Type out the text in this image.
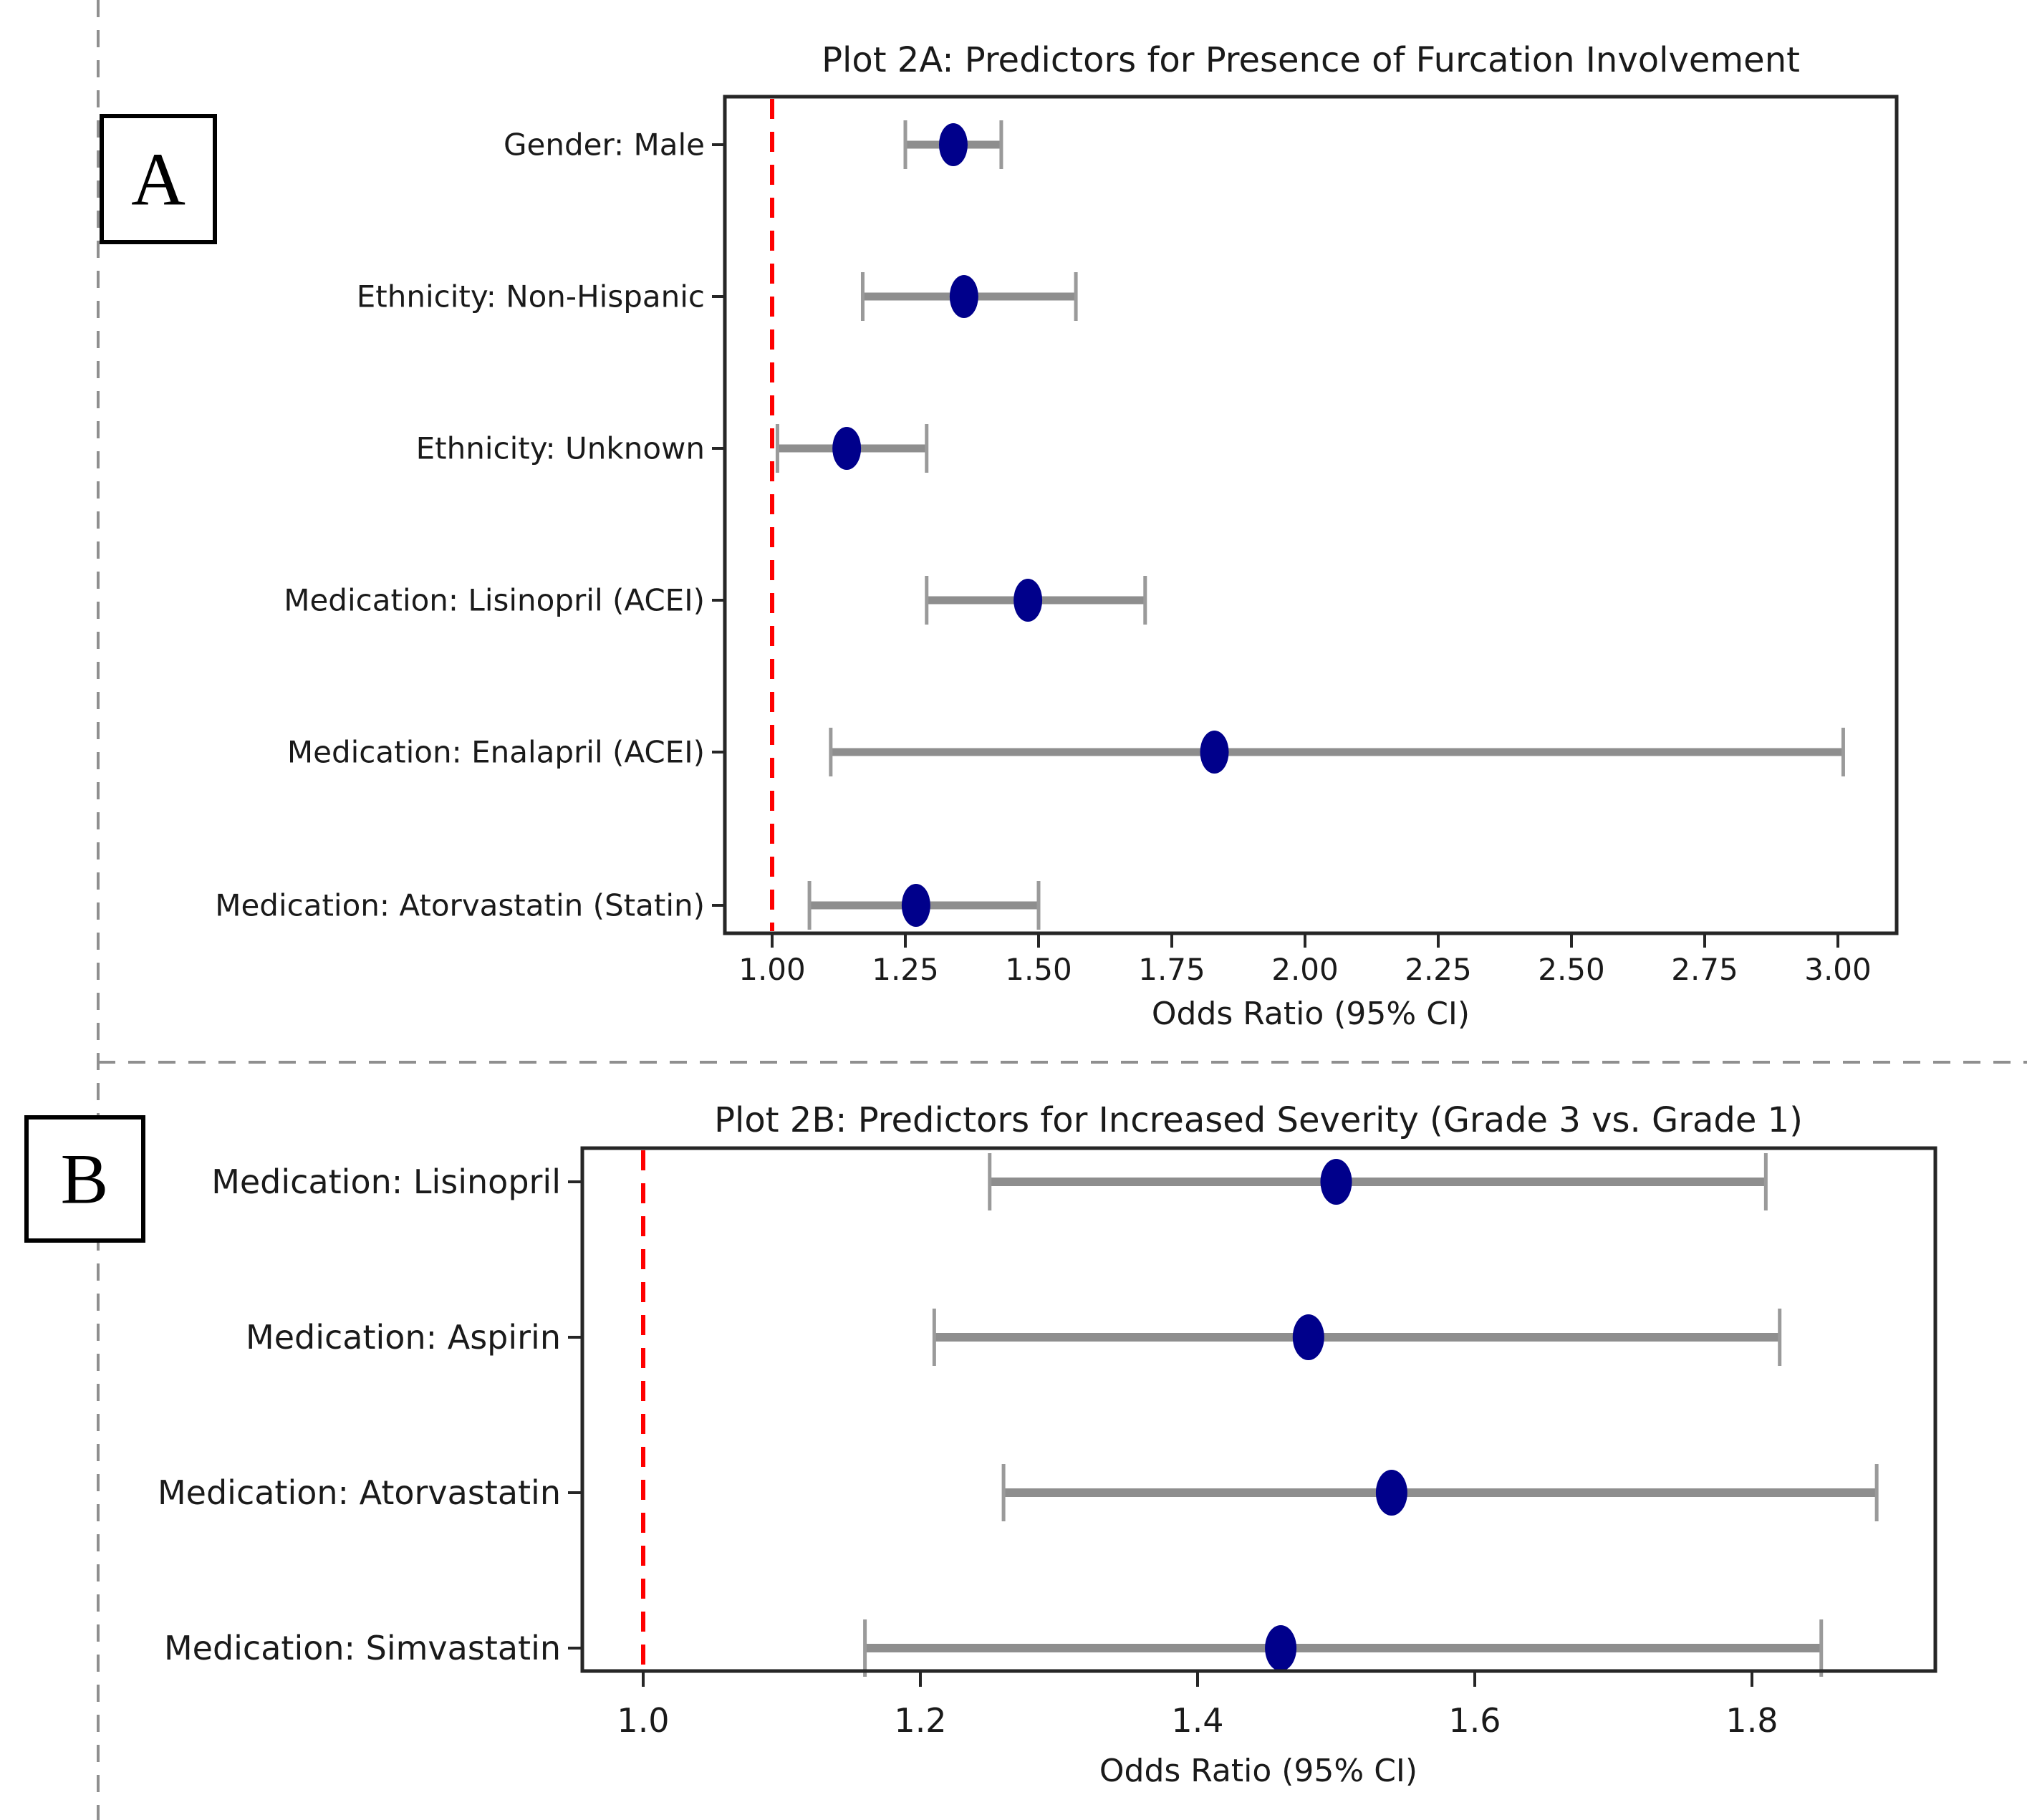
A
B
Plot 2A: Predictors for Presence of Furcation Involvement
Odds Ratio (95% CI)
Plot 2B: Predictors for Increased Severity (Grade 3 vs. Grade 1)
Odds Ratio (95% CI)
Gender: Male
Ethnicity: Non-Hispanic
Ethnicity: Unknown
Medication: Lisinopril (ACEI)
Medication: Enalapril (ACEI)
Medication: Atorvastatin (Statin)
1.00 1.25 1.50 1.75 2.00 2.25 2.50 2.75 3.00
Medication: Lisinopril
Medication: Aspirin
Medication: Atorvastatin
Medication: Simvastatin
1.0	1.2	1.4	1.6	1.8
